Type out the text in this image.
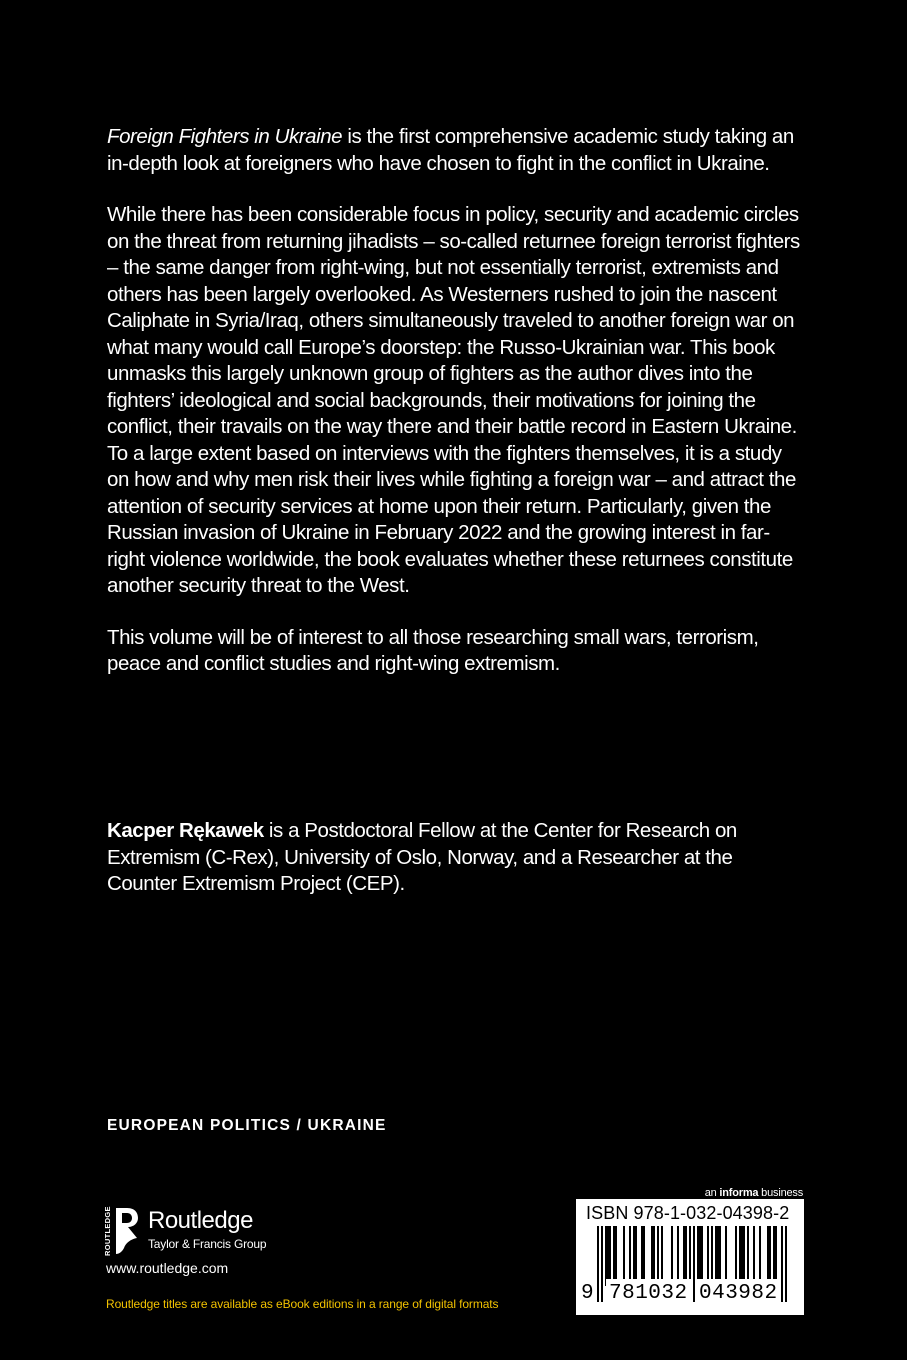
Foreign Fighters in Ukraine is the first comprehensive academic study taking an in-depth look at foreigners who have chosen to fight in the conflict in Ukraine.

While there has been considerable focus in policy, security and academic circles on the threat from returning jihadists – so-called returnee foreign terrorist fighters – the same danger from right-wing, but not essentially terrorist, extremists and others has been largely overlooked. As Westerners rushed to join the nascent Caliphate in Syria/Iraq, others simultaneously traveled to another foreign war on what many would call Europe’s doorstep: the Russo-Ukrainian war. This book unmasks this largely unknown group of fighters as the author dives into the fighters’ ideological and social backgrounds, their motivations for joining the conflict, their travails on the way there and their battle record in Eastern Ukraine. To a large extent based on interviews with the fighters themselves, it is a study on how and why men risk their lives while fighting a foreign war – and attract the attention of security services at home upon their return. Particularly, given the Russian invasion of Ukraine in February 2022 and the growing interest in far-right violence worldwide, the book evaluates whether these returnees constitute another security threat to the West.

This volume will be of interest to all those researching small wars, terrorism, peace and conflict studies and right-wing extremism.

Kacper Rękawek is a Postdoctoral Fellow at the Center for Research on Extremism (C-Rex), University of Oslo, Norway, and a Researcher at the Counter Extremism Project (CEP).

EUROPEAN POLITICS / UKRAINE
ROUTLEDGE Routledge
Taylor & Francis Group
www.routledge.com
Routledge titles are available as eBook editions in a range of digital formats
an informa business
ISBN 978-1-032-04398-2
9 781032 043982
